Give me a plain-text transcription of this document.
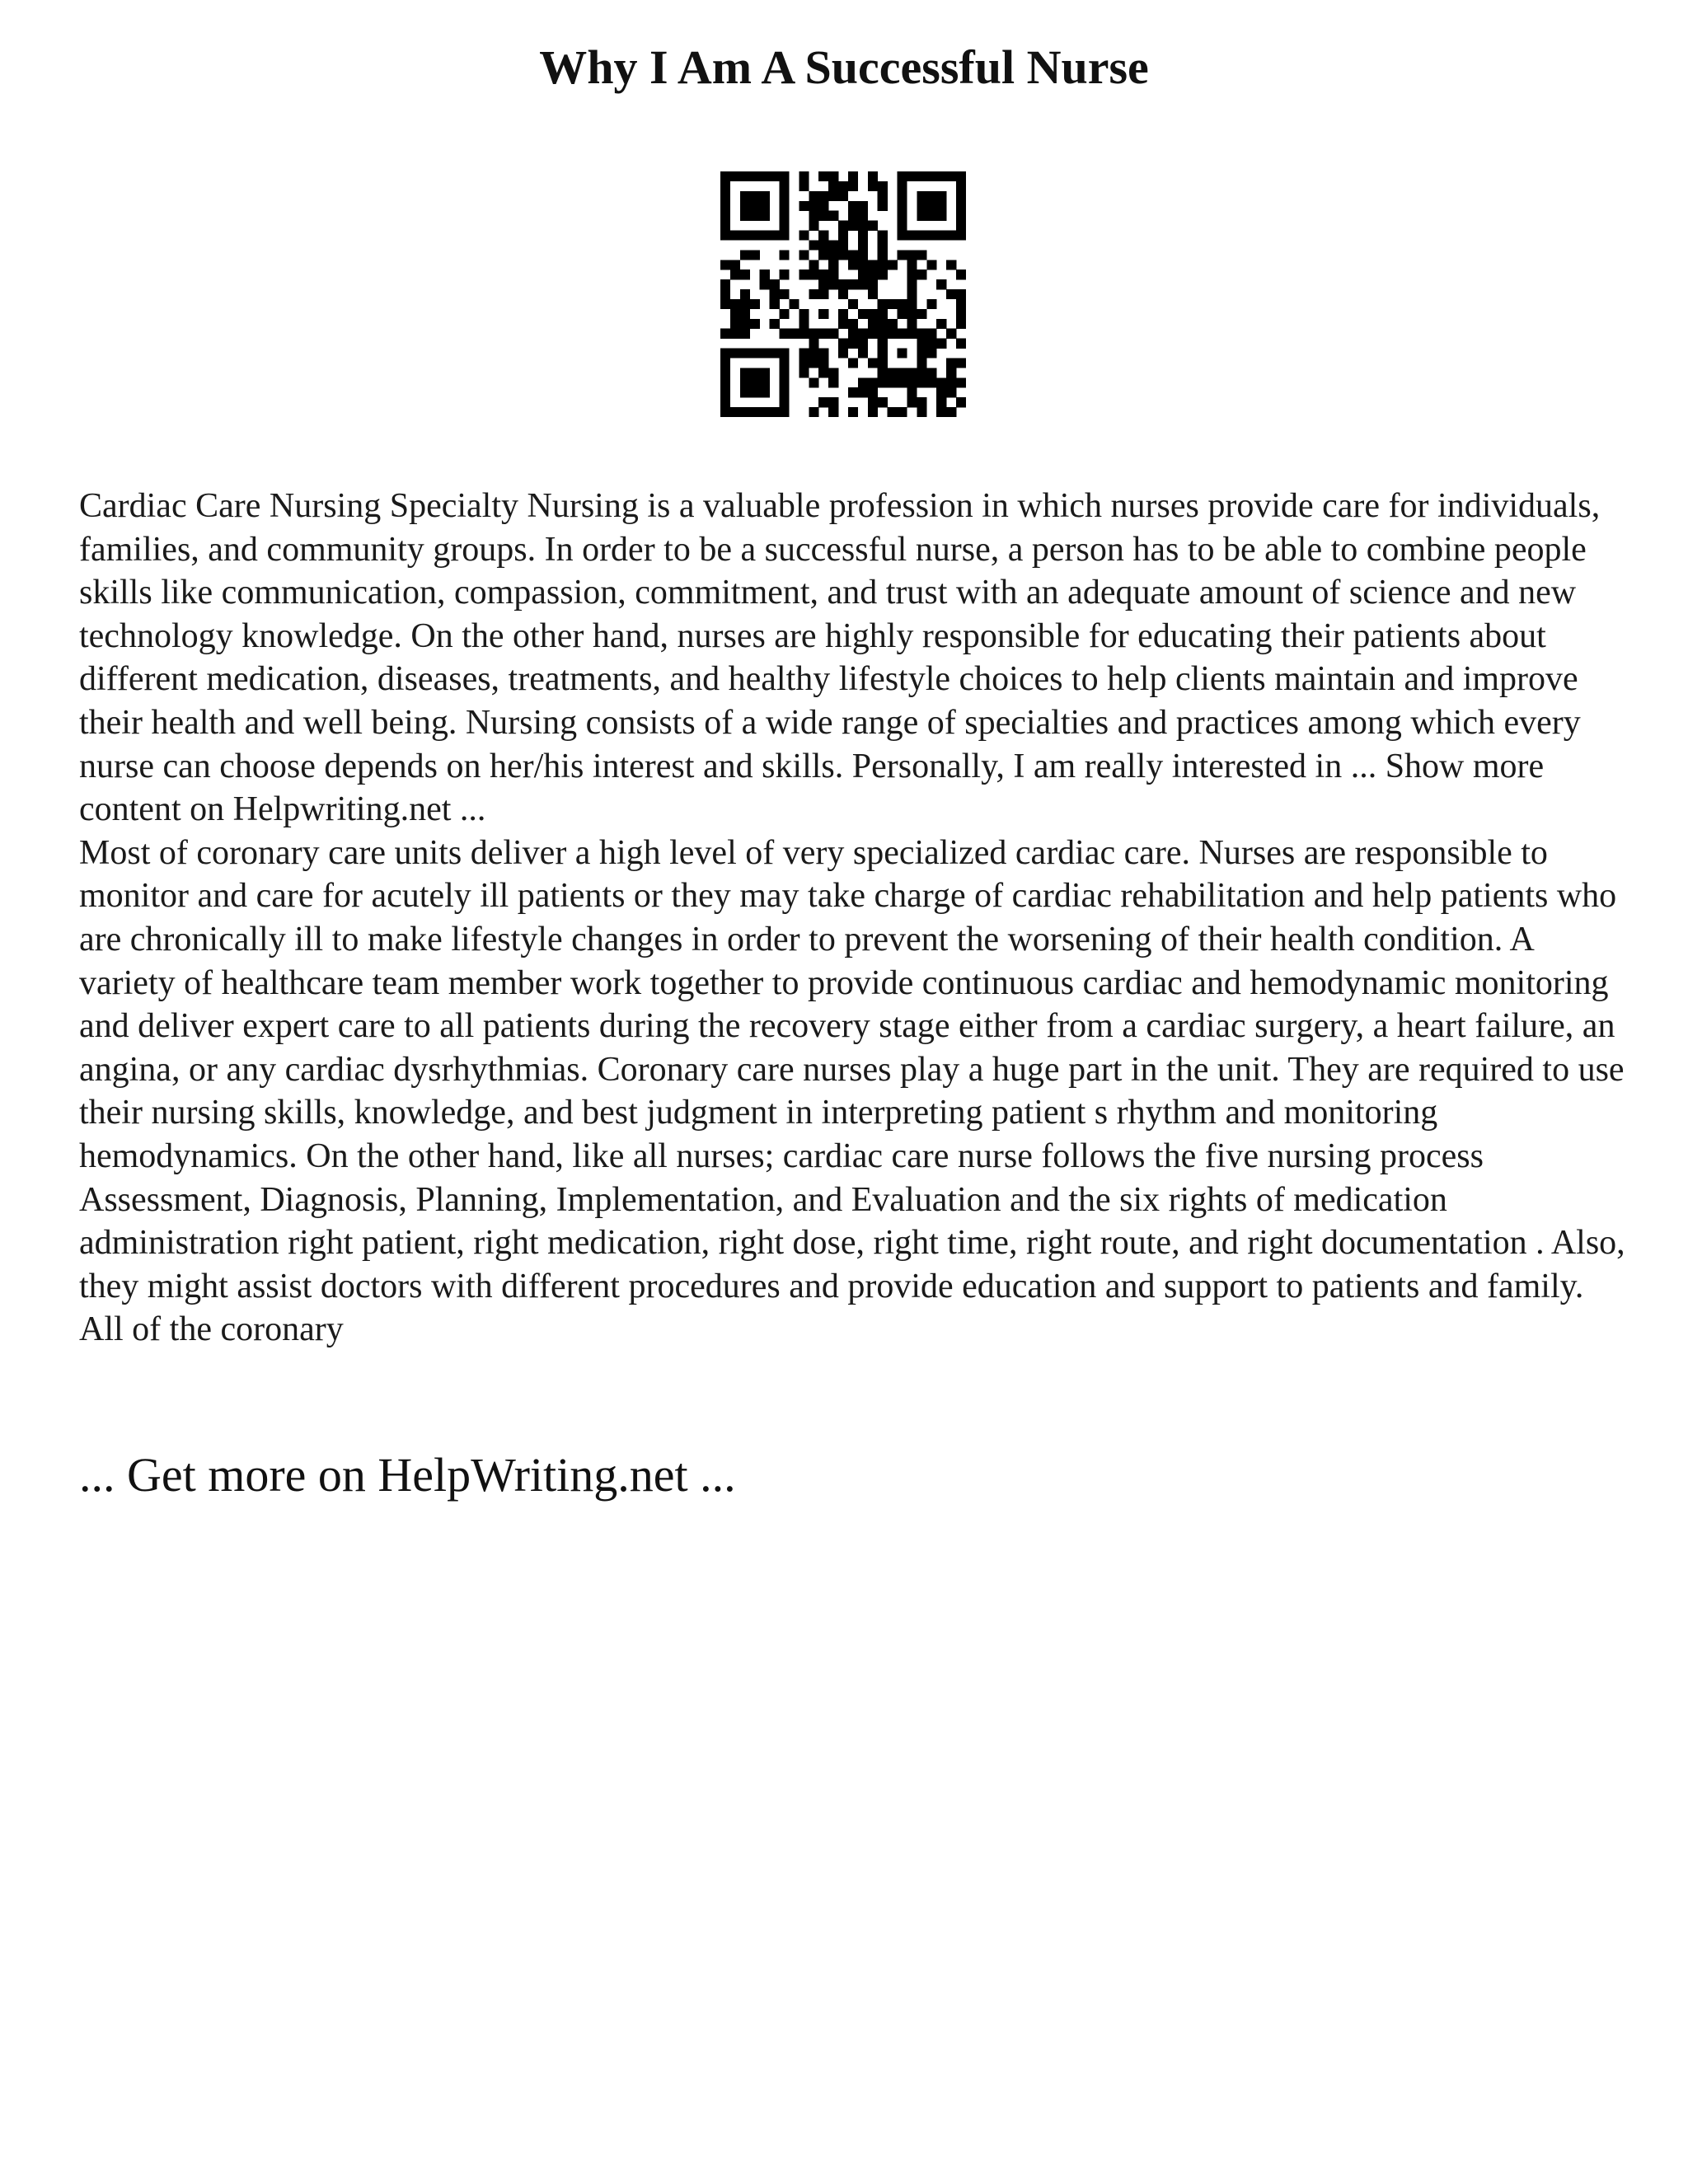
Why I Am A Successful Nurse

Cardiac Care Nursing Specialty Nursing is a valuable profession in which nurses provide care for individuals, families, and community groups. In order to be a successful nurse, a person has to be able to combine people skills like communication, compassion, commitment, and trust with an adequate amount of science and new technology knowledge. On the other hand, nurses are highly responsible for educating their patients about different medication, diseases, treatments, and healthy lifestyle choices to help clients maintain and improve their health and well being. Nursing consists of a wide range of specialties and practices among which every nurse can choose depends on her/his interest and skills. Personally, I am really interested in ... Show more content on Helpwriting.net ...

Most of coronary care units deliver a high level of very specialized cardiac care. Nurses are responsible to monitor and care for acutely ill patients or they may take charge of cardiac rehabilitation and help patients who are chronically ill to make lifestyle changes in order to prevent the worsening of their health condition. A variety of healthcare team member work together to provide continuous cardiac and hemodynamic monitoring and deliver expert care to all patients during the recovery stage either from a cardiac surgery, a heart failure, an angina, or any cardiac dysrhythmias. Coronary care nurses play a huge part in the unit. They are required to use their nursing skills, knowledge, and best judgment in interpreting patient s rhythm and monitoring hemodynamics. On the other hand, like all nurses; cardiac care nurse follows the five nursing process Assessment, Diagnosis, Planning, Implementation, and Evaluation and the six rights of medication administration right patient, right medication, right dose, right time, right route, and right documentation . Also, they might assist doctors with different procedures and provide education and support to patients and family. All of the coronary

... Get more on HelpWriting.net ...
